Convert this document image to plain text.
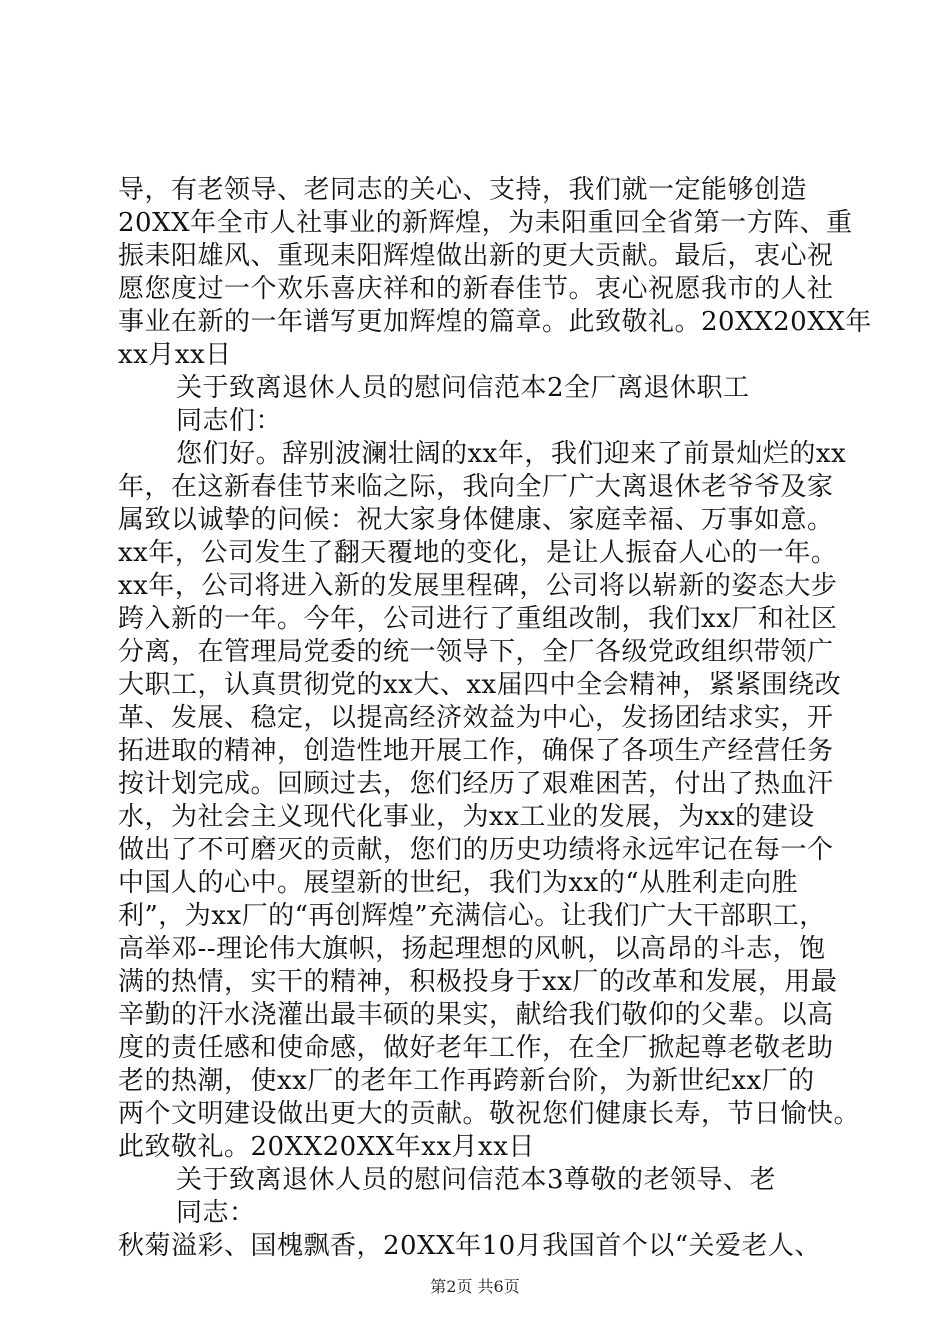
导，有老领导、老同志的关心、支持，我们就一定能够创造
20XX年全市人社事业的新辉煌，为耒阳重回全省第一方阵、重
振耒阳雄风、重现耒阳辉煌做出新的更大贡献。最后，衷心祝
愿您度过一个欢乐喜庆祥和的新春佳节。衷心祝愿我市的人社
事业在新的一年谱写更加辉煌的篇章。此致敬礼。20XX20XX年
xx月xx日
关于致离退休人员的慰问信范本2全厂离退休职工
同志们：
您们好。辞别波澜壮阔的xx年，我们迎来了前景灿烂的xx
年，在这新春佳节来临之际，我向全厂广大离退休老爷爷及家
属致以诚挚的问候：祝大家身体健康、家庭幸福、万事如意。
xx年，公司发生了翻天覆地的变化，是让人振奋人心的一年。
xx年，公司将进入新的发展里程碑，公司将以崭新的姿态大步
跨入新的一年。今年，公司进行了重组改制，我们xx厂和社区
分离，在管理局党委的统一领导下，全厂各级党政组织带领广
大职工，认真贯彻党的xx大、xx届四中全会精神，紧紧围绕改
革、发展、稳定，以提高经济效益为中心，发扬团结求实，开
拓进取的精神，创造性地开展工作，确保了各项生产经营任务
按计划完成。回顾过去，您们经历了艰难困苦，付出了热血汗
水，为社会主义现代化事业，为xx工业的发展，为xx的建设
做出了不可磨灭的贡献，您们的历史功绩将永远牢记在每一个
中国人的心中。展望新的世纪，我们为xx的“从胜利走向胜
利”，为xx厂的“再创辉煌”充满信心。让我们广大干部职工，
高举邓--理论伟大旗帜，扬起理想的风帆，以高昂的斗志，饱
满的热情，实干的精神，积极投身于xx厂的改革和发展，用最
辛勤的汗水浇灌出最丰硕的果实，献给我们敬仰的父辈。以高
度的责任感和使命感，做好老年工作，在全厂掀起尊老敬老助
老的热潮，使xx厂的老年工作再跨新台阶，为新世纪xx厂的
两个文明建设做出更大的贡献。敬祝您们健康长寿，节日愉快。
此致敬礼。20XX20XX年xx月xx日
关于致离退休人员的慰问信范本3尊敬的老领导、老
同志：
秋菊溢彩、国槐飘香，20XX年10月我国首个以“关爱老人、
第2页 共6页
